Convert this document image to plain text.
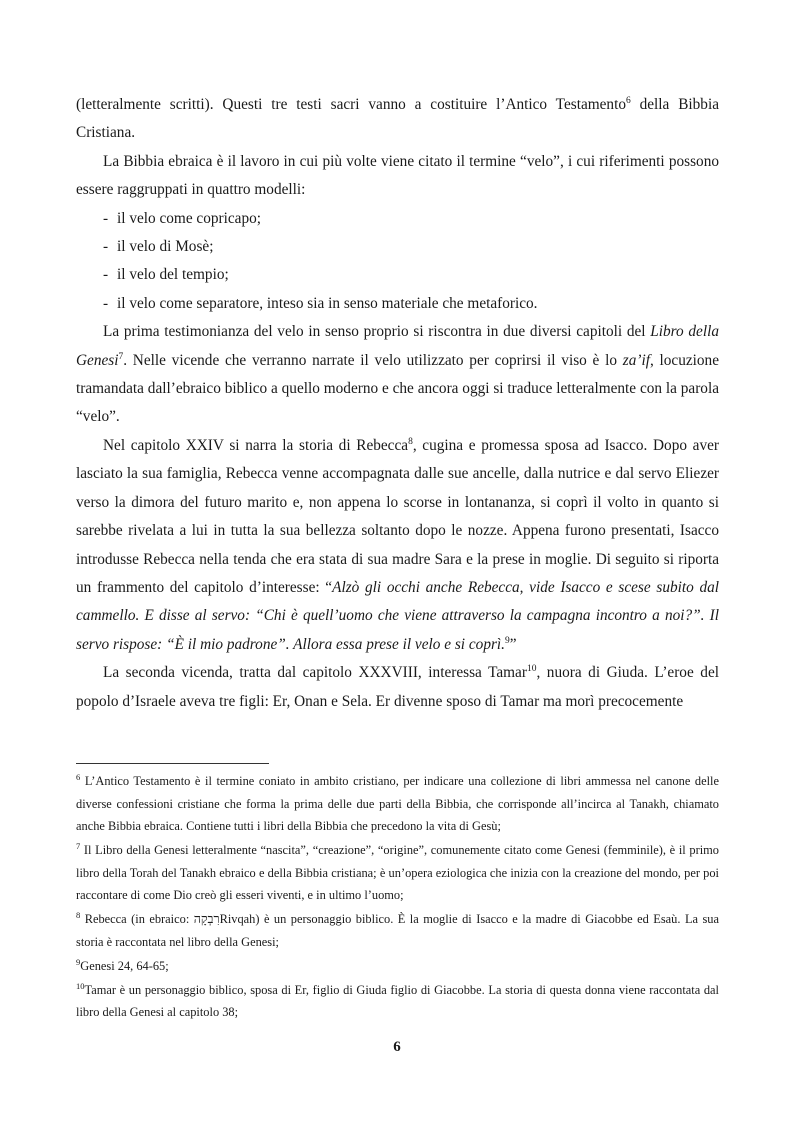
(letteralmente scritti). Questi tre testi sacri vanno a costituire l’Antico Testamento$^6$ della Bibbia Cristiana.

La Bibbia ebraica è il lavoro in cui più volte viene citato il termine “velo”, i cui riferimenti possono essere raggruppati in quattro modelli:

- il velo come copricapo;
- il velo di Mosè;
- il velo del tempio;
- il velo come separatore, inteso sia in senso materiale che metaforico.

La prima testimonianza del velo in senso proprio si riscontra in due diversi capitoli del Libro della Genesi$^7$. Nelle vicende che verranno narrate il velo utilizzato per coprirsi il viso è lo za’if, locuzione tramandata dall’ebraico biblico a quello moderno e che ancora oggi si traduce letteralmente con la parola “velo”.

Nel capitolo XXIV si narra la storia di Rebecca$^8$, cugina e promessa sposa ad Isacco. Dopo aver lasciato la sua famiglia, Rebecca venne accompagnata dalle sue ancelle, dalla nutrice e dal servo Eliezer verso la dimora del futuro marito e, non appena lo scorse in lontananza, si coprì il volto in quanto si sarebbe rivelata a lui in tutta la sua bellezza soltanto dopo le nozze. Appena furono presentati, Isacco introdusse Rebecca nella tenda che era stata di sua madre Sara e la prese in moglie. Di seguito si riporta un frammento del capitolo d’interesse: “Alzò gli occhi anche Rebecca, vide Isacco e scese subito dal cammello. E disse al servo: “Chi è quell’uomo che viene attraverso la campagna incontro a noi?”. Il servo rispose: “È il mio padrone”. Allora essa prese il velo e si coprì.$^9$”

La seconda vicenda, tratta dal capitolo XXXVIII, interessa Tamar$^{10}$, nuora di Giuda. L’eroe del popolo d’Israele aveva tre figli: Er, Onan e Sela. Er divenne sposo di Tamar ma morì precocemente

$^6$ L’Antico Testamento è il termine coniato in ambito cristiano, per indicare una collezione di libri ammessa nel canone delle diverse confessioni cristiane che forma la prima delle due parti della Bibbia, che corrisponde all’incirca al Tanakh, chiamato anche Bibbia ebraica. Contiene tutti i libri della Bibbia che precedono la vita di Gesù;

$^7$ Il Libro della Genesi letteralmente “nascita”, “creazione”, “origine”, comunemente citato come Genesi (femminile), è il primo libro della Torah del Tanakh ebraico e della Bibbia cristiana; è un’opera eziologica che inizia con la creazione del mondo, per poi raccontare di come Dio creò gli esseri viventi, e in ultimo l’uomo;

$^8$ Rebecca (in ebraico: רִבְקָה‎Rivqah) è un personaggio biblico. È la moglie di Isacco e la madre di Giacobbe ed Esaù. La sua storia è raccontata nel libro della Genesi;

$^9$Genesi 24, 64-65;

$^{10}$Tamar è un personaggio biblico, sposa di Er, figlio di Giuda figlio di Giacobbe. La storia di questa donna viene raccontata dal libro della Genesi al capitolo 38;

6
